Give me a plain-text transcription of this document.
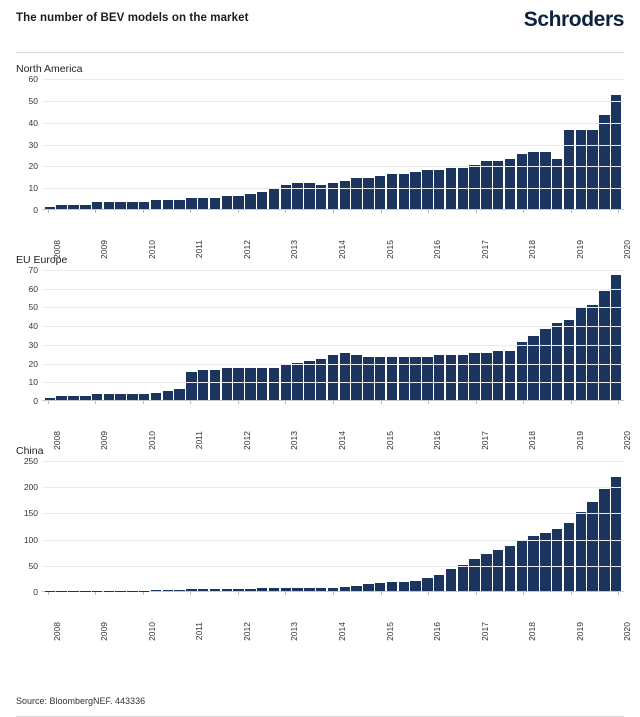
The number of BEV models on the market	Schroders
North America
0
10
20
30
40
50
60
2008	2009	2010	2011	2012	2013	2014	2015	2016	2017	2018	2019	2020
EU Europe
0
10
20
30
40
50
60
70
2008	2009	2010	2011	2012	2013	2014	2015	2016	2017	2018	2019	2020
China
0
50
100
150
200
250
2008	2009	2010	2011	2012	2013	2014	2015	2016	2017	2018	2019	2020
Source: BloombergNEF. 443336
